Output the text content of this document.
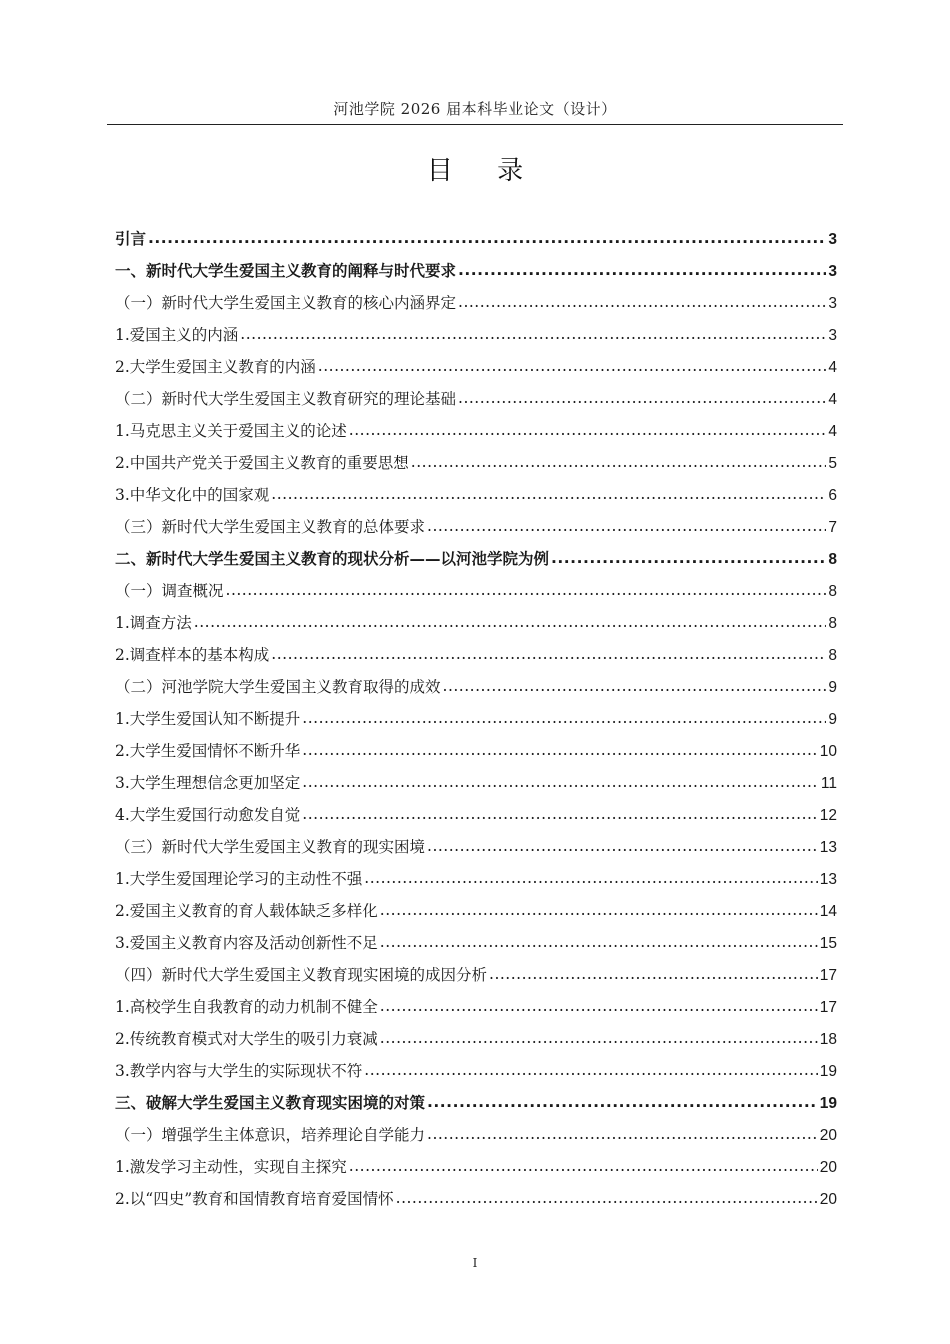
河池学院 2026 届本科毕业论文（设计）
目 录
引言 .....	3
一、新时代大学生爱国主义教育的阐释与时代要求 .....	3
（一）新时代大学生爱国主义教育的核心内涵界定 .....	3
1.爱国主义的内涵 .....	3
2.大学生爱国主义教育的内涵 .....	4
（二）新时代大学生爱国主义教育研究的理论基础 .....	4
1.马克思主义关于爱国主义的论述 .....	4
2.中国共产党关于爱国主义教育的重要思想 .....	5
3.中华文化中的国家观 .....	6
（三）新时代大学生爱国主义教育的总体要求 .....	7
二、新时代大学生爱国主义教育的现状分析——以河池学院为例 .....	8
（一）调查概况 .....	8
1.调查方法 .....	8
2.调查样本的基本构成 .....	8
（二）河池学院大学生爱国主义教育取得的成效 .....	9
1.大学生爱国认知不断提升 .....	9
2.大学生爱国情怀不断升华 .....	10
3.大学生理想信念更加坚定 .....	11
4.大学生爱国行动愈发自觉 .....	12
（三）新时代大学生爱国主义教育的现实困境 .....	13
1.大学生爱国理论学习的主动性不强 .....	13
2.爱国主义教育的育人载体缺乏多样化 .....	14
3.爱国主义教育内容及活动创新性不足 .....	15
（四）新时代大学生爱国主义教育现实困境的成因分析 .....	17
1.高校学生自我教育的动力机制不健全 .....	17
2.传统教育模式对大学生的吸引力衰减 .....	18
3.教学内容与大学生的实际现状不符 .....	19
三、破解大学生爱国主义教育现实困境的对策 .....	19
（一）增强学生主体意识，培养理论自学能力 .....	20
1.激发学习主动性，实现自主探究 .....	20
2.以“四史”教育和国情教育培育爱国情怀 .....	20
I
